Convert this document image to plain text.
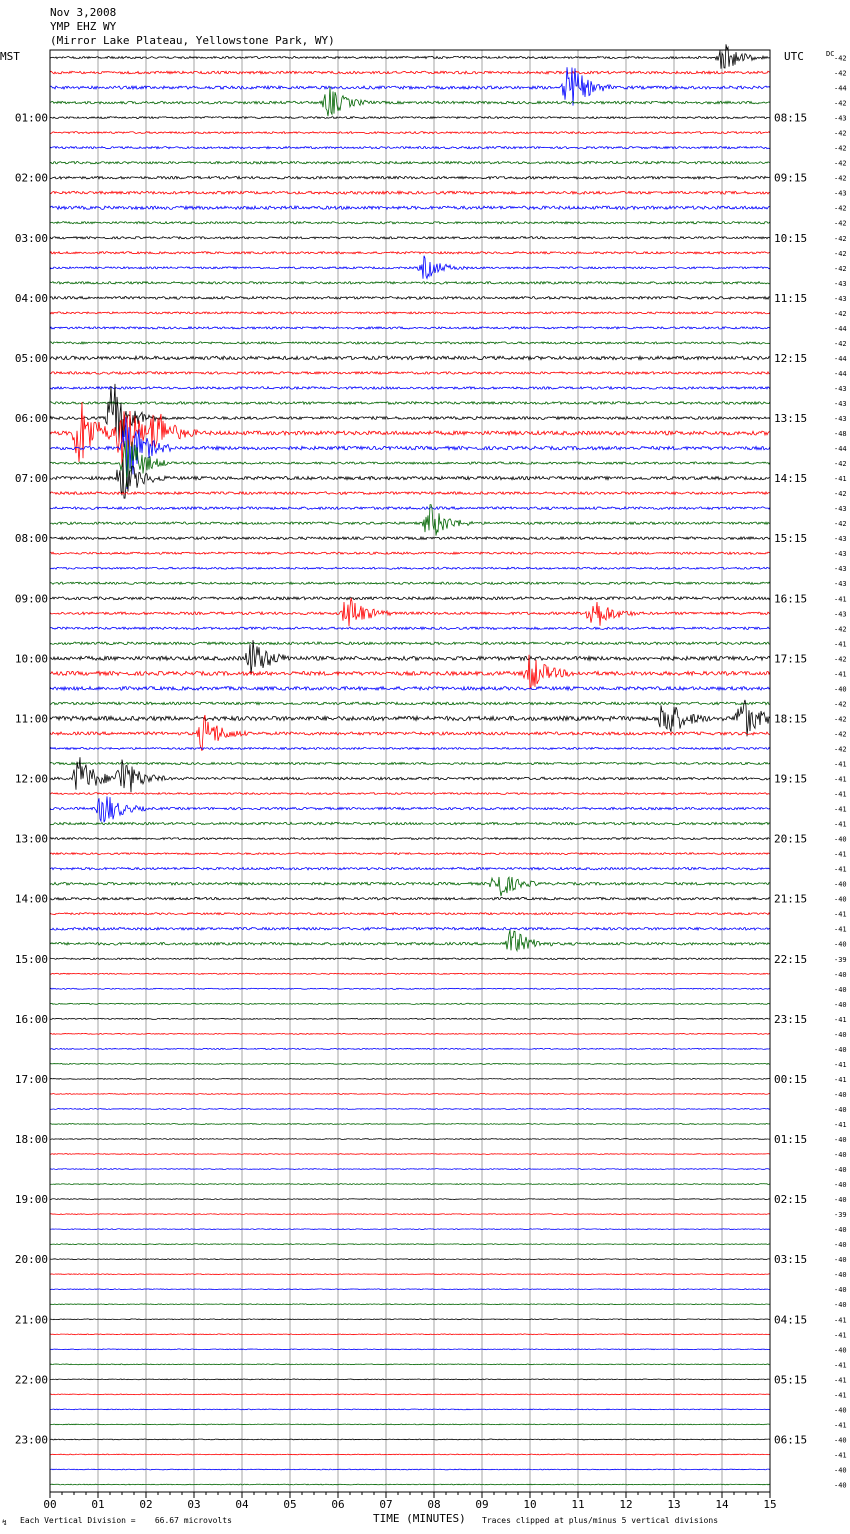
00	01	02	03	04	05	06	07	08	09	10	11	12	13	14	15
01:00
02:00
03:00
04:00
05:00
06:00
07:00
08:00
09:00
10:00
11:00
12:00
13:00
14:00
15:00
16:00
17:00
18:00
19:00
20:00
21:00
22:00
23:00
08:15
09:15
10:15
11:15
12:15
13:15
14:15
15:15
16:15
17:15
18:15
19:15
20:15
21:15
22:15
23:15
00:15
01:15
02:15
03:15
04:15
05:15
06:15
-42
-42
-44
-42
-43
-42
-42
-42
-42
-43
-42
-42
-42
-42
-42
-43
-43
-42
-44
-42
-44
-44
-43
-43
-43
-48
-44
-42
-41
-42
-43
-42
-43
-43
-43
-43
-41
-43
-42
-41
-42
-41
-40
-42
-42
-42
-42
-41
-41
-41
-41
-41
-40
-41
-41
-40
-40
-41
-41
-40
-39
-40
-40
-40
-41
-40
-40
-41
-41
-40
-40
-41
-40
-40
-40
-40
-40
-39
-40
-40
-40
-40
-40
-40
-41
-41
-40
-41
-41
-41
-40
-41
-40
-41
-40
-40
Nov 3,2008
YMP EHZ WY
(Mirror Lake Plateau, Yellowstone Park, WY)
MST	UTC	DC
↯ Each Vertical Division =    66.67 microvolts	TIME (MINUTES) Traces clipped at plus/minus 5 vertical divisions
